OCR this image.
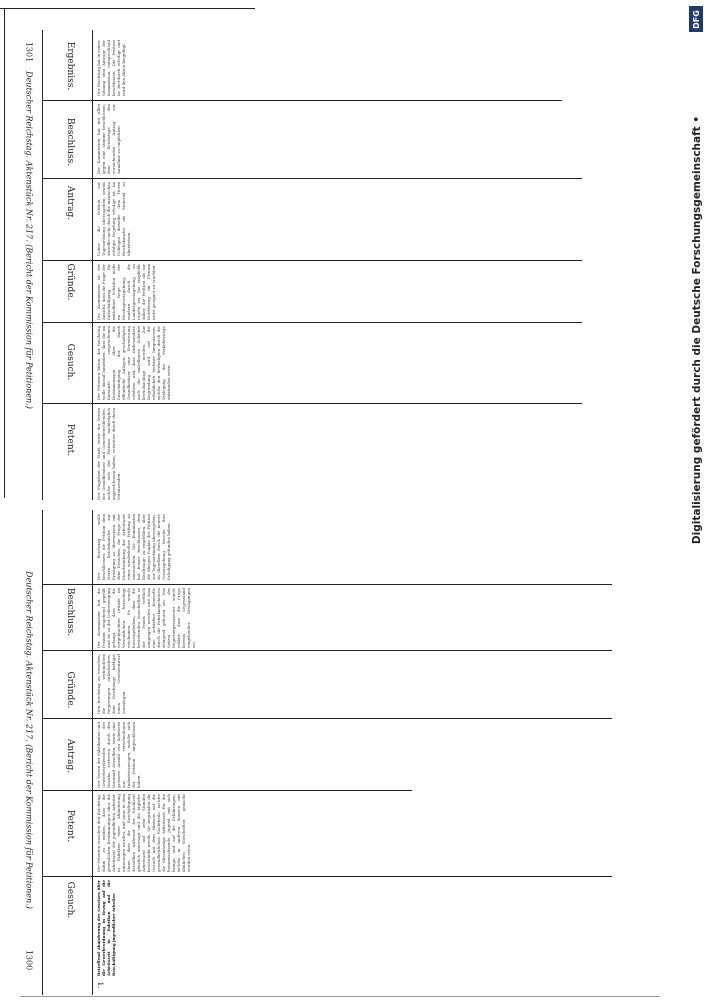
1301
Deutscher Reichstag. Aktenstück Nr. 217. (Bericht der Kommission für Petitionen.)
Petent.
Gesuch.
Gründe.
Antrag.
Beschluss.
Ergebniss.
Der Magistrat der Stadt, sowie der Verein der Grundbesitzer und Gewerbetreibenden, welche sich der Petition nachträglich angeschlossen haben, vertreten durch ihren Vorsitzenden.
Die Petenten bitten, der Reichstag wolle darauf hinwirken, dass die im Entwurfe vorgesehenen Bestimmungen über die Entschädigung der durch öffentliche Anlagen geschädigten Grundbesitzer eine Erweiterung erfahren und dass insbesondere auch die mittelbaren Schäden berücksichtigt werden. Zur Begründung wird auf die erheblichen Verluste hingewiesen, welche den Betheiligten durch die Verlegung der Verkehrswege entstanden seien.
Die Kommission ist der Ansicht, dass die Frage der Entschädigung für mittelbare Schäden nicht im Wege der Reichsgesetzgebung, sondern durch die Landesgesetzgebung zu regeln sei. Sie empfiehlt daher, die Petition als zur Erörterung im Plenum nicht geeignet zu erachten.
Ueber die Petition zur Tagesordnung überzugehen, soweit dieselbe nicht durch die inzwischen erfolgte Regelung erledigt ist; im Uebrigen dieselbe dem Herrn Reichskanzler als Material zu überweisen.
Die Kommission hat mit allen gegen eine Stimme beschlossen, dem Reichstage den vorstehenden Antrag zur Annahme zu empfehlen.
Der Reichstag hat in seiner Sitzung dem Antrage der Kommission entsprechend beschlossen. Die Petition ist hierdurch erledigt und wird den Akten beigefügt.
1300
Deutscher Reichstag. Aktenstück Nr. 217. (Bericht der Kommission für Petitionen.)	Gesuch.
Petent.
Antrag.
Gründe.
Beschluss.
1.
Betreffend Abänderung des Gesetzes über die Gewerbeordnung in Bezug auf die Arbeitszeit in Fabriken und die Beschäftigung jugendlicher Arbeiter.
Die Petenten ersuchen den Reichstag, dahin zu wirken, dass die gesetzlichen Bestimmungen über die Arbeitszeit der jugendlichen Arbeiter in Fabriken einer Abänderung unterzogen werden, und zwar in dem Sinne, dass die Beschäftigung derselben während der Nachtzeit gänzlich untersagt und die tägliche Arbeitszeit auf zehn Stunden beschränkt werde. Sie begründen ihr Gesuch mit dem Hinweis auf die gesundheitlichen Nachtheile, welche die übermässige Arbeitszeit für die heranwachsende Jugend mit sich bringe, und auf die Erfahrungen, welche in anderen Staaten mit ähnlichen Vorschriften gemacht worden seien.
Der Verein der Fabrikanten und Gewerbetreibenden des Bezirks, vertreten durch den Vorstand desselben, sowie eine grössere Anzahl von Arbeitern aus verschiedenen Industriezweigen, welche sich der Petition angeschlossen haben.
Den Reichstag zu ersuchen, die verbündeten Regierungen aufzufordern, dem Reichstage baldigst einen Gesetzentwurf vorzulegen.
Die Kommission hat die Petition eingehend geprüft und ist zu der Ueberzeugung gelangt, dass die vorgebrachten Gründe im Wesentlichen berechtigt erscheinen. Es wurde hervorgehoben, dass die bestehenden Vorschriften in der Praxis vielfach umgangen werden und dass eine schärfere Kontrolle durch die Fabrikinspektoren dringend geboten sei. Von Seiten der Regierungsvertreter wurde erklärt, dass die Frage bereits Gegenstand eingehender Erwägungen sei.
Der Reichstag wolle beschliessen: die Petition dem Herrn Reichskanzler zur Erwägung zu überweisen, mit dem Ersuchen, die Frage der Einschränkung der Arbeitszeit einer wiederholten Prüfung zu unterziehen. Die Kommission hat ferner beschlossen, dem Reichstage zu empfehlen, über die übrigen Punkte der Petition zur Tagesordnung überzugehen, da dieselben durch die neuere Gesetzgebung bereits ihre Erledigung gefunden haben.
DFG
Digitalisierung gefördert durch die Deutsche Forschungsgemeinschaft •
